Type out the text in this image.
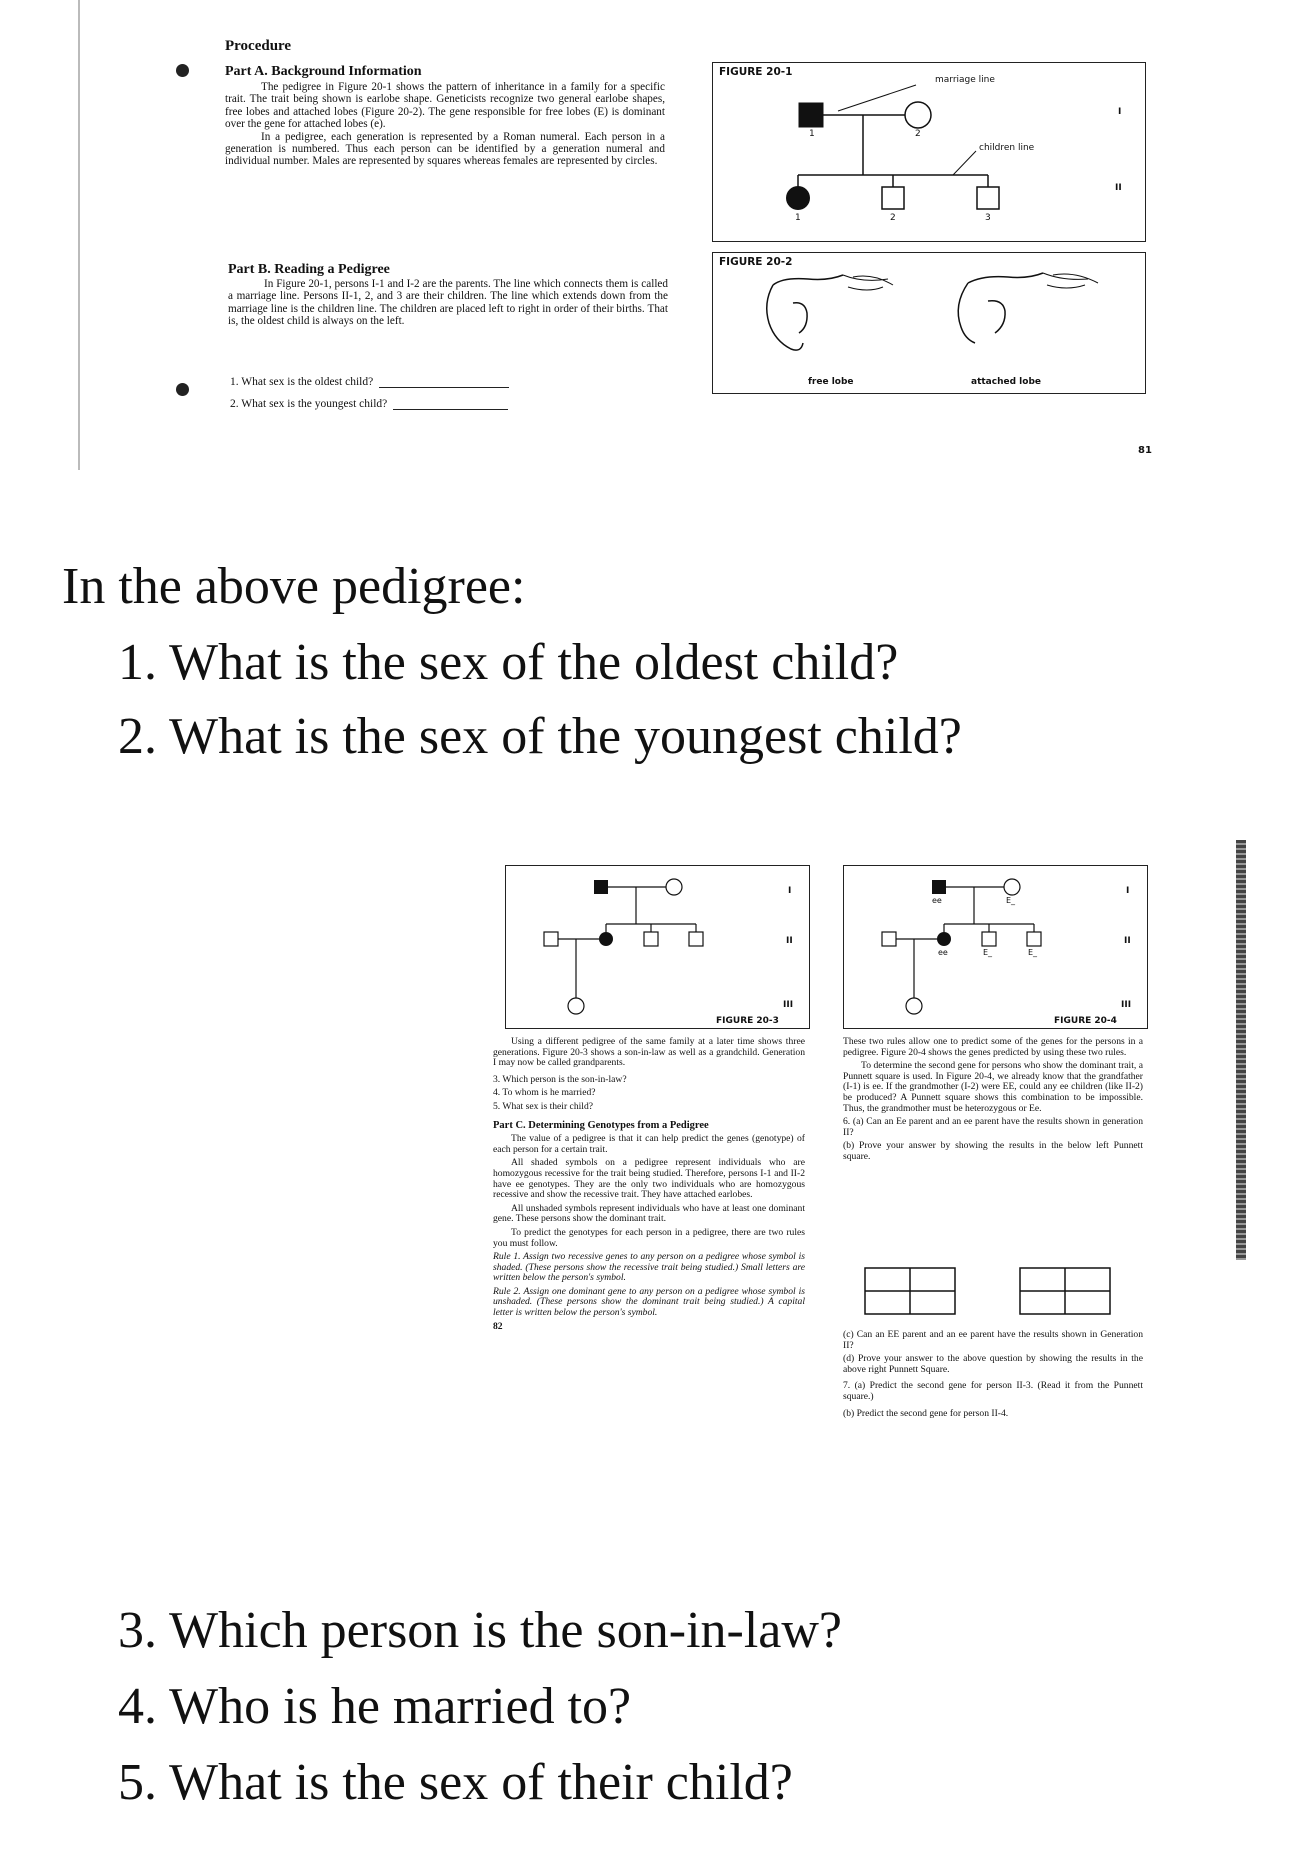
Procedure
Part A. Background Information

The pedigree in Figure 20-1 shows the pattern of inheritance in a family for a specific trait. The trait being shown is earlobe shape. Geneticists recognize two general earlobe shapes, free lobes and attached lobes (Figure 20-2). The gene responsible for free lobes (E) is dominant over the gene for attached lobes (e).

In a pedigree, each generation is represented by a Roman numeral. Each person in a generation is numbered. Thus each person can be identified by a generation numeral and individual number. Males are represented by squares whereas females are represented by circles.

Part B. Reading a Pedigree

In Figure 20-1, persons I-1 and I-2 are the parents. The line which connects them is called a marriage line. Persons II-1, 2, and 3 are their children. The line which extends down from the marriage line is the children line. The children are placed left to right in order of their births. That is, the oldest child is always on the left.

1. What sex is the oldest child?
2. What sex is the youngest child?
FIGURE 20-1
marriage line
children line
I
II
1	2
1	2	3
FIGURE 20-2
free lobe	attached lobe
81
In the above pedigree:
1. What is the sex of the oldest child?
2. What is the sex of the youngest child?
I
II
III
FIGURE 20-3
ee	E_
ee	E_	E_
I
II
III
FIGURE 20-4

Using a different pedigree of the same family at a later time shows three generations. Figure 20-3 shows a son-in-law as well as a grandchild. Generation I may now be called grandparents.

3. Which person is the son-in-law?

4. To whom is he married?

5. What sex is their child?

Part C. Determining Genotypes from a Pedigree

The value of a pedigree is that it can help predict the genes (genotype) of each person for a certain trait.

All shaded symbols on a pedigree represent individuals who are homozygous recessive for the trait being studied. Therefore, persons I-1 and II-2 have ee genotypes. They are the only two individuals who are homozygous recessive and show the recessive trait. They have attached earlobes.

All unshaded symbols represent individuals who have at least one dominant gene. These persons show the dominant trait.

To predict the genotypes for each person in a pedigree, there are two rules you must follow.

Rule 1. Assign two recessive genes to any person on a pedigree whose symbol is shaded. (These persons show the recessive trait being studied.) Small letters are written below the person's symbol.

Rule 2. Assign one dominant gene to any person on a pedigree whose symbol is unshaded. (These persons show the dominant trait being studied.) A capital letter is written below the person's symbol.

82

These two rules allow one to predict some of the genes for the persons in a pedigree. Figure 20-4 shows the genes predicted by using these two rules.

To determine the second gene for persons who show the dominant trait, a Punnett square is used. In Figure 20-4, we already know that the grandfather (I-1) is ee. If the grandmother (I-2) were EE, could any ee children (like II-2) be produced? A Punnett square shows this combination to be impossible. Thus, the grandmother must be heterozygous or Ee.

6. (a) Can an Ee parent and an ee parent have the results shown in generation II?

(b) Prove your answer by showing the results in the below left Punnett square.

(c) Can an EE parent and an ee parent have the results shown in Generation II?

(d) Prove your answer to the above question by showing the results in the above right Punnett Square.

7. (a) Predict the second gene for person II-3. (Read it from the Punnett square.)

(b) Predict the second gene for person II-4.

3. Which person is the son-in-law?
4. Who is he married to?
5. What is the sex of their child?
